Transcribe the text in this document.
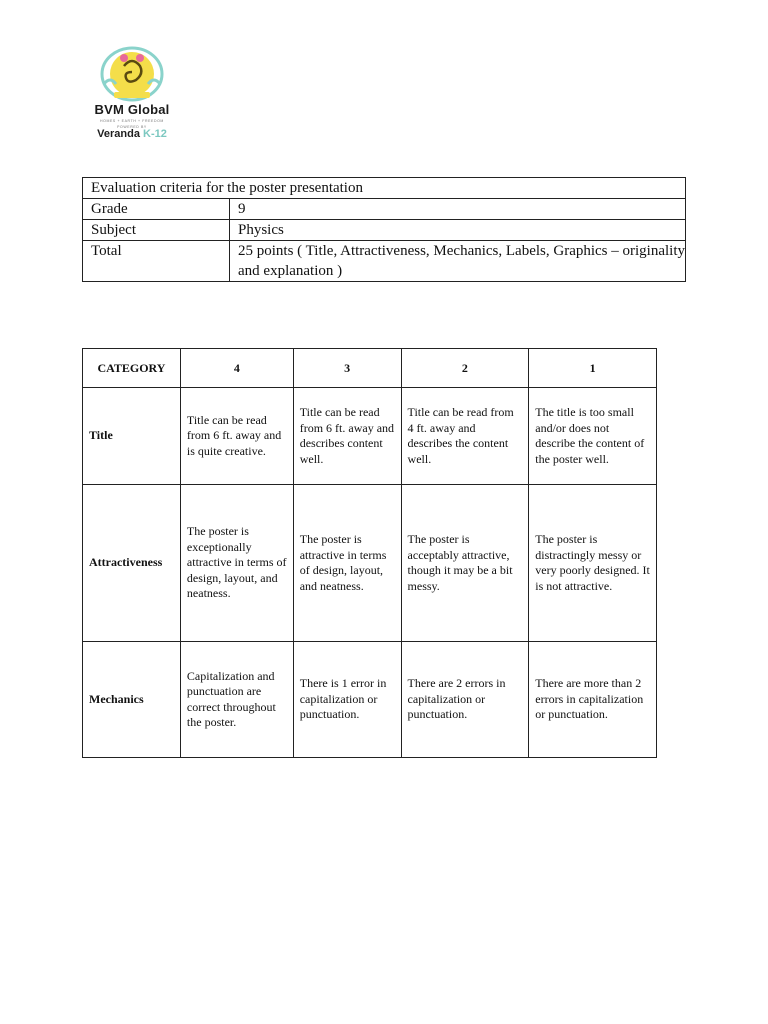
BVM Global
HOMES + EARTH + FREEDOM
POWERED BY
Veranda K-12
Evaluation criteria for the poster presentation	
Grade	9
Subject	Physics
Total	25 points ( Title, Attractiveness, Mechanics, Labels, Graphics – originality and explanation )
CATEGORY	4	3	2	1
Title	Title can be read from 6 ft. away and is quite creative.	Title can be read from 6 ft. away and describes content well.	Title can be read from 4 ft. away and describes the content well.	The title is too small and/or does not describe the content of the poster well.
Attractiveness	The poster is exceptionally attractive in terms of design, layout, and neatness.	The poster is attractive in terms of design, layout, and neatness.	The poster is acceptably attractive, though it may be a bit messy.	The poster is distractingly messy or very poorly designed. It is not attractive.
Mechanics	Capitalization and punctuation are correct throughout the poster.	There is 1 error in capitalization or punctuation.	There are 2 errors in capitalization or punctuation.	There are more than 2 errors in capitalization or punctuation.
